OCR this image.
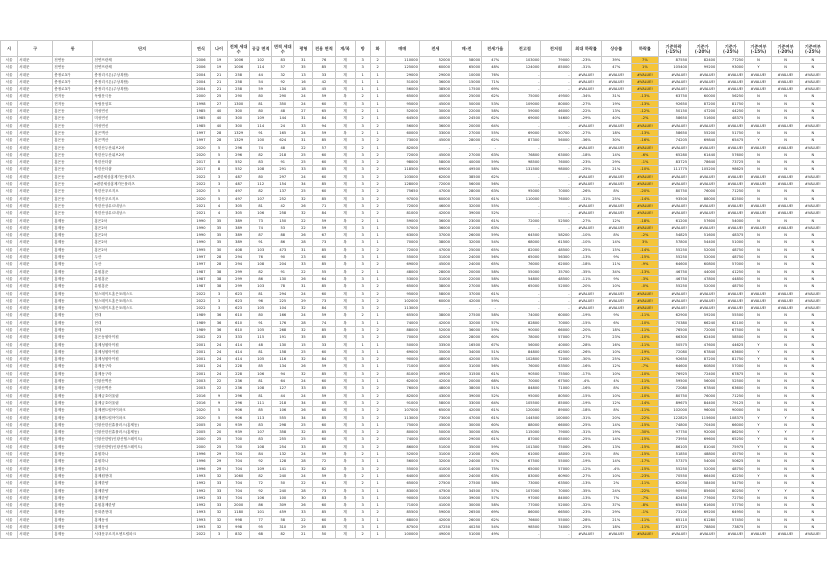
시	구	동	단지	연식	나이	전체 세대수	공급 면적	면적 세대수	평형	전용 면적	계/복	방	화	매매	전세	매-전	전세가율	전고점	전저점	최대 하락률	상승률	하락률	기준하락 (-15%)	기준가 (-20%)	기준가 (-25%)	기준여부 (-15%)	기준여부 (-20%)	기준여부 (-25%)
서울	서대문	천연동	천연뜨란채	2006	19	1006	102	83	31	76	계	3	2	110000	52000	58000	47%	103000	79000	-23%	39%	7%	87550	82400	77250	N	N	N
서울	서대문	천연동	천연뜨란채	2006	19	1006	114	57	35	85	계	3	2	125000	60000	65000	48%	124000	85000	-31%	47%	1%	105400	99200	93000	Y	N	N
서울	서대문	충정로3가	충정리시온(주상복합)	2004	21	258	44	32	13	33	계	1	1	29000	29000	10000	76%	-	-	#VALUE!	#VALUE!	#VALUE!	#VALUE!	#VALUE!	#VALUE!	#VALUE!	#VALUE!	#VALUE!
서울	서대문	충정로3가	충정리시온(주상복합)	2004	21	258	54	92	16	42	계	1	1	51000	36000	15000	71%	-	-	#VALUE!	#VALUE!	#VALUE!	#VALUE!	#VALUE!	#VALUE!	#VALUE!	#VALUE!	#VALUE!
서울	서대문	충정로3가	충정리시온(주상복합)	2004	21	258	59	134	18	45	계	1	1	56000	38500	17500	69%	-	-	#VALUE!	#VALUE!	#VALUE!	#VALUE!	#VALUE!	#VALUE!	#VALUE!	#VALUE!	#VALUE!
서울	서대문	현저동	독립문극동	2000	25	290	80	290	24	59	복	2	1	65000	40000	25000	62%	75000	49500	-34%	31%	-13%	63750	60000	56250	N	N	N
서울	서대문	현저동	독립문삼호	1998	27	1300	81	350	24	60	계	3	1	95000	45000	50000	53%	109000	80000	-27%	19%	-13%	92650	87200	81750	N	N	N
서울	서대문	홍은동	미성연신	1985	40	300	80	48	27	65	계	2	1	52000	30000	22000	58%	59000	46000	-22%	13%	-12%	50150	47200	44250	N	N	N
서울	서대문	홍은동	미성연신	1985	40	300	109	144	31	84	계	2	1	64500	40000	24500	62%	69000	54600	-29%	40%	-2%	58650	51600	48375	N	N	N
서울	서대문	홍은동	미성연신	1985	40	300	114	24	33	94	계	3	2	56000	36000	20000	64%	-	-	#VALUE!	#VALUE!	#VALUE!	#VALUE!	#VALUE!	#VALUE!	#VALUE!	#VALUE!	#VALUE!
서울	서대문	홍은동	홍은벽산	1997	28	1329	91	165	24	59	복	2	1	60000	33000	27000	55%	69000	50700	-27%	18%	-13%	58650	55200	51750	N	N	N
서울	서대문	홍은동	홍은벽산	1997	28	1329	100	624	31	85	계	3	2	73000	45000	28000	62%	87300	56000	-36%	30%	-16%	74205	69840	65475	Y	N	N
서울	서대문	홍은동	북한산두산위브2차	2020	5	296	74	48	22	57	계	2	1	82000	-	-	-	-	-	#VALUE!	#VALUE!	#VALUE!	#VALUE!	#VALUE!	#VALUE!	#VALUE!	#VALUE!	#VALUE!
서울	서대문	홍은동	북한산두산위브2차	2020	5	296	82	218	25	60	계	3	2	72000	45000	27000	63%	76800	63000	-18%	14%	-6%	65280	61440	57600	N	N	N
서울	서대문	홍은동	북한산더샵	2017	8	552	83	91	25	60	계	3	2	98000	58000	40000	59%	98500	76000	-23%	29%	-1%	83725	78640	73725	N	N	N
서울	서대문	홍은동	북한산더샵	2017	8	552	108	291	33	85	계	3	2	118500	69000	49500	58%	131500	98000	-25%	21%	-10%	111775	105200	98625	N	N	N
서울	서대문	홍은동	e편한세상홍제가든플라츠	2022	3	487	80	297	24	60	계	3	2	103000	62000	38500	62%	-	-	#VALUE!	#VALUE!	#VALUE!	#VALUE!	#VALUE!	#VALUE!	#VALUE!	#VALUE!	#VALUE!
서울	서대문	홍은동	e편한세상홍제가든플라츠	2022	3	487	112	154	34	85	계	3	2	128000	72000	56000	56%	-	-	#VALUE!	#VALUE!	#VALUE!	#VALUE!	#VALUE!	#VALUE!	#VALUE!	#VALUE!	#VALUE!
서울	서대문	홍은동	북한산푸르지오	2020	5	497	82	137	25	60	계	3	2	75650	47000	28000	63%	95000	70000	-26%	8%	-20%	80750	76000	71250	N	N	N
서울	서대문	홍은동	북한산푸르지오	2020	5	497	107	252	32	85	계	3	2	97000	60000	37000	61%	110000	76000	-31%	25%	-14%	93500	88000	82500	N	N	N
서울	서대문	홍은동	북한산상무르네상스	2021	4	305	81	42	26	71	계	3	2	72000	46000	32000	55%	-	-	#VALUE!	#VALUE!	#VALUE!	#VALUE!	#VALUE!	#VALUE!	#VALUE!	#VALUE!	#VALUE!
서울	서대문	홍은동	북한산상무르네상스	2021	4	305	106	258	32	84	계	3	2	81000	42000	39000	52%	-	-	#VALUE!	#VALUE!	#VALUE!	#VALUE!	#VALUE!	#VALUE!	#VALUE!	#VALUE!	#VALUE!
서울	서대문	홍제동	홍은2차	1990	35	389	73	150	22	59	복	2	1	59000	36000	23000	61%	72000	52500	-27%	12%	-18%	61200	57600	54000	N	N	N
서울	서대문	홍제동	홍은2차	1990	35	389	74	53	22	59	계	3	1	57000	36000	21000	63%	-	-	#VALUE!	#VALUE!	#VALUE!	#VALUE!	#VALUE!	#VALUE!	#VALUE!	#VALUE!	#VALUE!
서울	서대문	홍제동	홍은2차	1990	35	389	87	88	26	67	계	3	1	63000	37000	26000	59%	64500	58200	-10%	8%	-2%	54825	51600	48375	N	N	N
서울	서대문	홍제동	홍은2차	1990	35	389	91	86	28	73	복	3	1	70000	38000	32000	54%	68000	61500	-10%	14%	3%	57800	54400	51000	N	N	N
서울	서대문	홍제동	홍은2차	1995	30	408	103	473	31	85	복	3	2	72000	47000	25000	65%	82000	48500	-25%	15%	-14%	55250	52000	48750	N	N	N
서울	서대문	홍제동	두산	1997	28	294	76	90	23	60	복	3	1	55000	31000	24000	56%	65000	56300	-13%	9%	-15%	55250	52000	48750	N	N	N
서울	서대문	홍제동	두산	1997	28	294	108	204	33	85	복	3	2	69000	45000	24000	65%	76000	62000	-18%	11%	-9%	64600	60800	57000	N	N	N
서울	서대문	홍제동	유원홍준	1987	38	299	82	91	22	55	복	2	1	48000	28000	20000	58%	55000	35700	-35%	34%	-13%	46750	44000	41250	N	N	N
서울	서대문	홍제동	유원홍준	1987	38	299	86	130	26	64	복	3	1	53000	31000	22000	58%	54800	48500	-11%	9%	-3%	46750	47800	44850	N	N	N
서울	서대문	홍제동	유원홍준	1987	38	299	103	78	31	85	복	3	2	65000	38000	27000	58%	65000	52000	-20%	10%	-0%	55250	52000	48750	N	N	N
서울	서대문	홍제동	힐스테이트홍은포레스트	2022	3	623	81	294	24	60	계	3	2	95000	58000	37000	61%	-	-	#VALUE!	#VALUE!	#VALUE!	#VALUE!	#VALUE!	#VALUE!	#VALUE!	#VALUE!	#VALUE!
서울	서대문	홍제동	힐스테이트홍은포레스트	2022	3	623	96	225	29	73	계	3	2	102000	60000	42000	59%	-	-	#VALUE!	#VALUE!	#VALUE!	#VALUE!	#VALUE!	#VALUE!	#VALUE!	#VALUE!	#VALUE!
서울	서대문	홍제동	힐스테이트홍은포레스트	2022	3	623	105	104	32	84	계	3	2	113000	-	-	-	-	-	#VALUE!	#VALUE!	#VALUE!	#VALUE!	#VALUE!	#VALUE!	#VALUE!	#VALUE!	#VALUE!
서울	서대문	홍제동	현대	1989	36	610	80	166	24	59	복	2	1	65500	38000	27500	58%	74000	60000	-19%	9%	-11%	62900	59200	55500	N	N	N
서울	서대문	홍제동	현대	1989	36	610	91	176	28	74	복	3	1	74000	42000	32000	57%	82800	70000	-15%	6%	-10%	70380	66240	62100	N	N	N
서울	서대문	홍제동	현대	1989	36	610	105	268	32	85	복	3	2	88000	52000	36000	59%	90000	66000	-20%	18%	-11%	76500	72000	67500	N	N	N
서울	서대문	홍제동	홍은동원아이원	2002	23	333	115	191	35	85	계	3	2	70000	42000	28000	60%	78000	57000	-27%	23%	-10%	66300	62400	58500	N	N	N
서울	서대문	홍제동	홍제성원아이원	2001	24	414	48	130	15	33	계	1	1	50000	33500	16500	67%	56000	40000	-28%	16%	-11%	50575	47600	44625	Y	N	N
서울	서대문	홍제동	홍제성원아이원	2001	24	414	81	158	25	60	계	3	1	69000	35000	34000	51%	84800	62500	-26%	10%	-19%	72080	67840	63600	Y	N	N
서울	서대문	홍제동	홍제성원아이원	2001	24	414	105	116	32	84	계	3	2	90000	48000	42000	53%	102800	72000	-30%	25%	-12%	92650	87200	81750	Y	N	N
서울	서대문	홍제동	홍제동구라	2001	24	228	85	134	26	59	계	3	1	71000	40000	31000	56%	76000	63500	-16%	12%	-7%	64600	60800	57000	N	N	N
서울	서대문	홍제동	홍제동구라	2001	24	228	106	94	32	85	계	3	2	81000	49500	31500	61%	90500	75500	-17%	10%	-10%	76925	72400	67875	N	N	N
서울	서대문	홍제동	인왕산벽산	2003	22	236	81	64	24	60	계	3	1	62000	42000	20000	68%	70000	67500	-4%	4%	-11%	59500	56000	52500	N	N	N
서울	서대문	홍제동	인왕산벽산	2003	22	236	108	127	33	85	계	3	2	76000	48000	38000	51%	84800	71000	-16%	8%	-10%	72080	67840	63600	N	N	N
서울	서대문	홍제동	홍제금호어울림	2016	9	296	81	44	24	59	계	3	2	82000	43000	39000	52%	95000	80500	-15%	10%	-10%	80750	76000	71250	N	N	N
서울	서대문	홍제동	홍제금호어울림	2016	9	296	111	218	34	85	계	3	2	91000	58000	33000	64%	105500	85000	-19%	12%	-14%	89675	84400	79125	N	N	N
서울	서대문	홍제동	홍제센트럴아이파크	2020	5	906	85	106	26	60	계	3	2	107000	65000	42000	61%	120000	89000	-18%	8%	-11%	102000	96000	90000	N	N	N
서울	서대문	홍제동	홍제센트럴아이파크	2020	5	906	113	555	34	85	계	3	2	113000	73000	47000	61%	144500	100000	-31%	20%	-22%	122825	115600	108375	Y	Y	N
서울	서대문	홍제동	인왕산한신휴플러스(홍제동)	2005	20	939	83	298	25	60	계	3	1	75000	45000	30000	60%	88000	66000	-25%	14%	-15%	74800	70400	66000	Y	N	N
서울	서대문	홍제동	인왕산한신휴플러스(홍제동)	2005	20	939	107	358	32	85	계	3	2	80000	50000	30000	63%	115000	79000	-31%	19%	-30%	97750	92000	86250	Y	Y	Y
서울	서대문	홍제동	인왕산한양(인왕산힐스테이트)	2000	25	700	83	255	25	60	계	3	2	74000	45000	29000	61%	87000	65000	-25%	14%	-15%	73950	69600	65250	Y	N	N
서울	서대문	홍제동	인왕산한양(인왕산힐스테이트)	2000	25	700	108	254	33	85	계	3	2	86000	51000	35000	59%	101300	75000	-26%	13%	-15%	86105	81040	75975	Y	N	N
서울	서대문	홍제동	유원하나	1996	29	704	84	132	24	59	복	2	1	52000	31000	21000	60%	61000	48000	-21%	8%	-15%	51850	48800	45750	N	N	N
서울	서대문	홍제동	유원하나	1996	29	704	92	128	28	72	복	3	1	56000	32000	24000	57%	67500	55000	-19%	14%	-17%	57375	54000	50625	N	N	N
서울	서대문	홍제동	유원하나	1996	29	704	109	141	32	82	복	3	2	55000	41000	14000	75%	65000	57000	-12%	-4%	-15%	55250	52000	48750	N	N	N
서울	서대문	홍제동	홍제원현대	1993	32	1060	82	240	24	59	복	2	1	64000	40000	24000	63%	83000	60900	-27%	10%	-23%	70550	66400	62250	Y	N	N
서울	서대문	홍제동	홍제한양	1992	33	704	72	50	22	61	계	2	1	65000	27500	27500	58%	73000	63500	-13%	2%	-11%	62050	58400	54750	N	N	N
서울	서대문	홍제동	홍제한양	1992	33	704	92	240	28	73	복	3	1	83000	47500	34500	57%	107000	70000	-35%	24%	-22%	90950	85600	80250	Y	Y	N
서울	서대문	홍제동	홍제한양	1992	33	704	106	100	30	83	복	3	1	90000	51000	39000	57%	97000	84000	-13%	7%	-7%	82450	77600	72750	N	N	N
서울	서대문	홍제동	유원홍제한양	1992	33	2000	86	309	26	60	복	3	1	71000	41000	30000	58%	77000	52000	-32%	37%	-8%	65450	61600	57750	N	N	N
서울	서대문	홍제동	문화촌현대	1993	32	1180	101	459	33	85	계	3	2	85500	59000	26500	69%	86000	66500	-23%	29%	-1%	73100	69200	64950	N	N	N
서울	서대문	홍제동	홍제동성	1993	32	998	77	58	22	60	복	3	1	68000	42000	26000	62%	76600	55000	-28%	21%	-11%	65110	61280	57450	N	N	N
서울	서대문	홍제동	홍제동성	1993	32	998	95	310	29	85	계	3	1	87500	47250	40250	54%	98500	74000	-25%	18%	-11%	83725	78800	73875	N	N	N
서울	서대문	홍제동	서대문푸르지오센트럴파크	2022	3	832	68	82	21	50	계	2	1	100000	49000	51000	49%	-	-	#VALUE!	#VALUE!	#VALUE!	#VALUE!	#VALUE!	#VALUE!	#VALUE!	#VALUE!	#VALUE!
